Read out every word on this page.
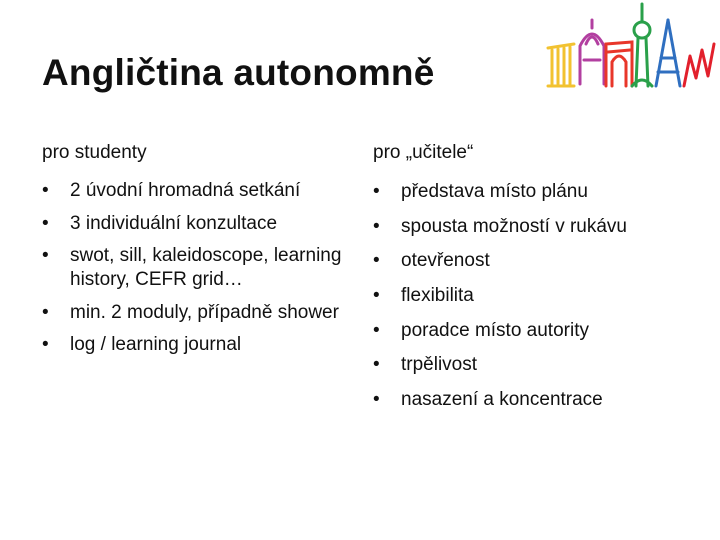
Angličtina autonomně
pro studenty
• 2 úvodní hromadná setkání
• 3 individuální konzultace
• swot, sill, kaleidoscope, learning history, CEFR grid…
• min. 2 moduly, případně shower
• log / learning journal
pro „učitele“
• představa místo plánu
• spousta možností v rukávu
• otevřenost
• flexibilita
• poradce místo autority
• trpělivost
• nasazení a koncentrace
